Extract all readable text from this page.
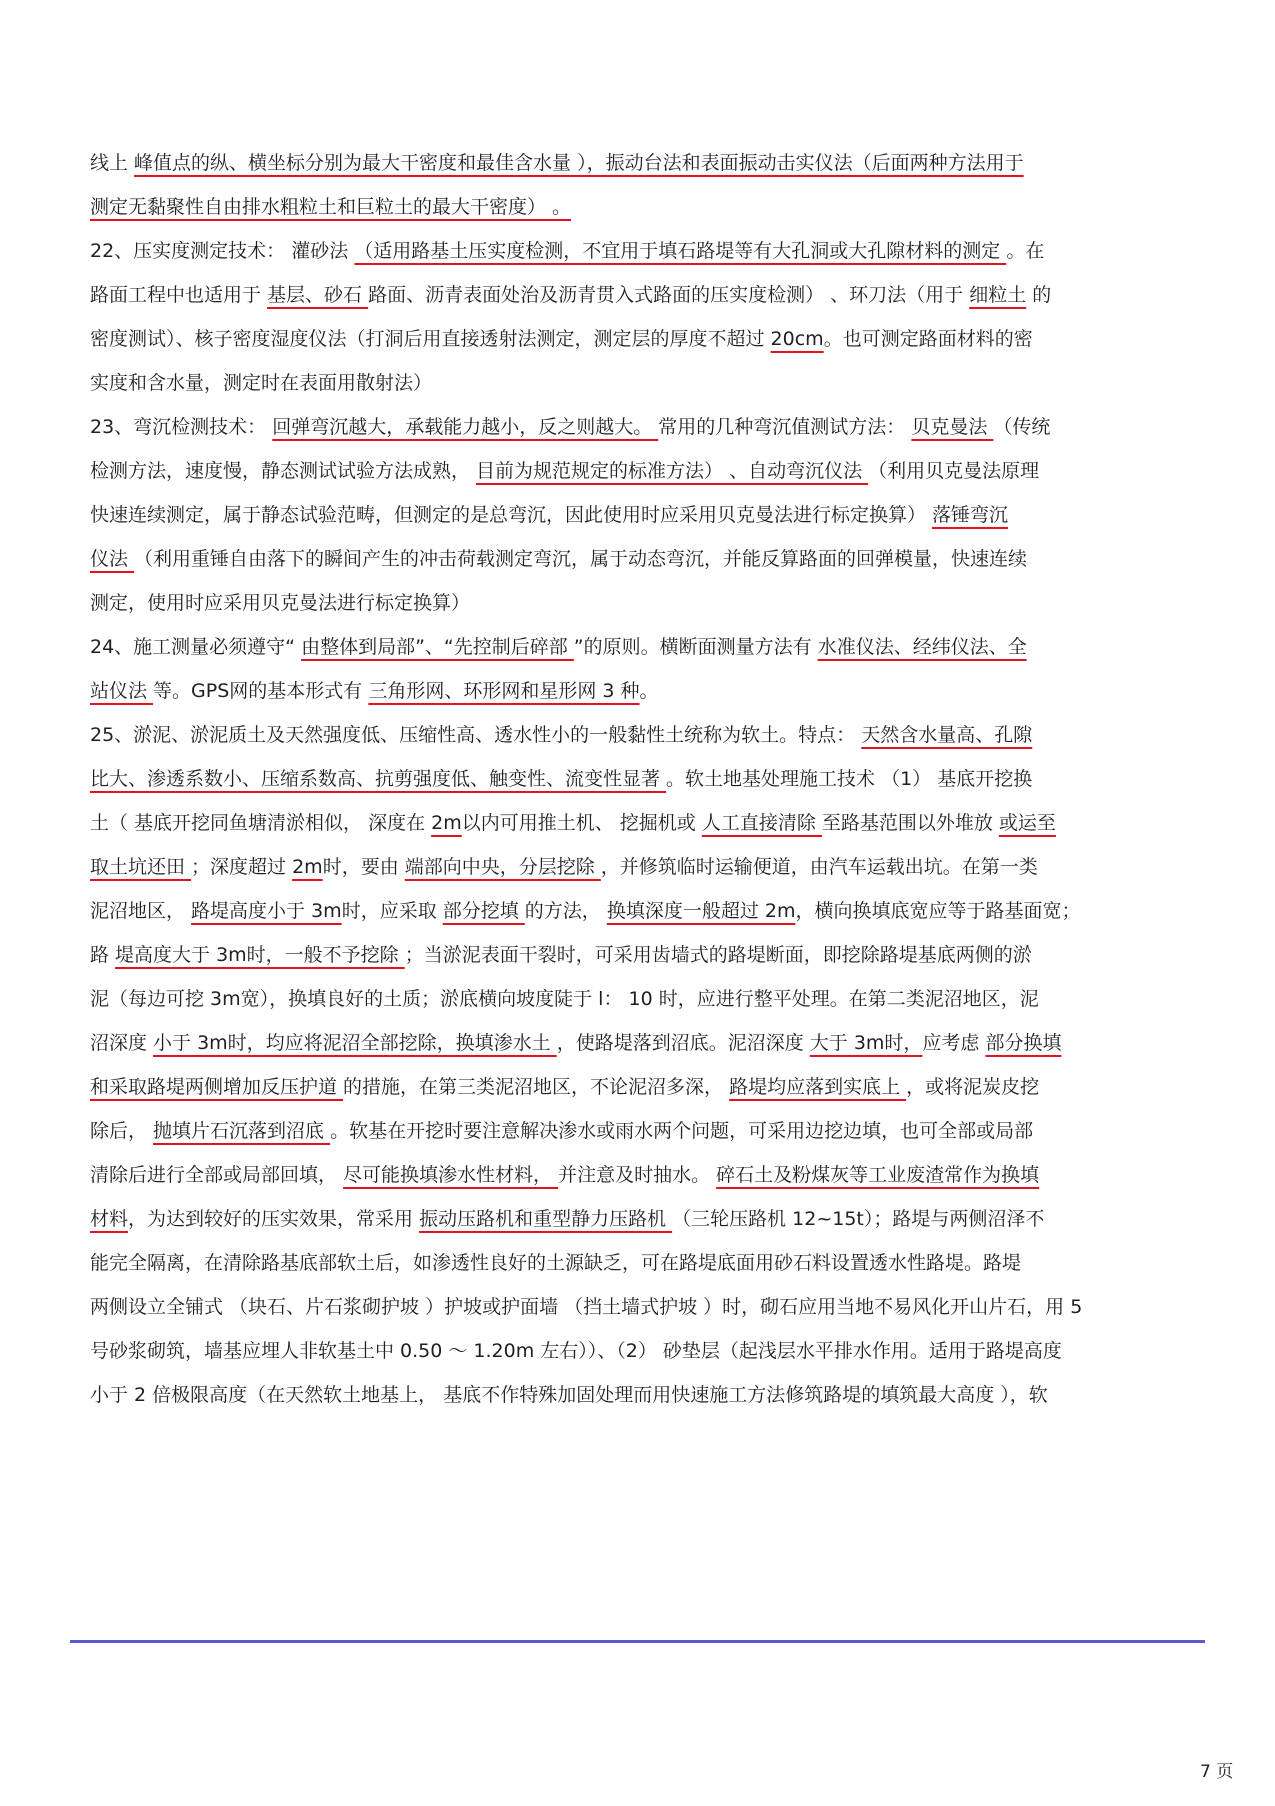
线上 峰值点的纵、横坐标分别为最大干密度和最佳含水量 ），振动台法和表面振动击实仪法（后面两种方法用于
测定无黏聚性自由排水粗粒土和巨粒土的最大干密度） 。
22、压实度测定技术： 灌砂法 （适用路基土压实度检测，不宜用于填石路堤等有大孔洞或大孔隙材料的测定 。在
路面工程中也适用于 基层、砂石 路面、沥青表面处治及沥青贯入式路面的压实度检测） 、环刀法（用于 细粒土 的
密度测试）、核子密度湿度仪法（打洞后用直接透射法测定，测定层的厚度不超过 20cm。也可测定路面材料的密
实度和含水量，测定时在表面用散射法）
23、弯沉检测技术： 回弹弯沉越大，承载能力越小，反之则越大。 常用的几种弯沉值测试方法： 贝克曼法 （传统
检测方法，速度慢，静态测试试验方法成熟， 目前为规范规定的标准方法） 、自动弯沉仪法 （利用贝克曼法原理
快速连续测定，属于静态试验范畴，但测定的是总弯沉，因此使用时应采用贝克曼法进行标定换算） 落锤弯沉
仪法 （利用重锤自由落下的瞬间产生的冲击荷载测定弯沉，属于动态弯沉，并能反算路面的回弹模量，快速连续
测定，使用时应采用贝克曼法进行标定换算）
24、施工测量必须遵守“ 由整体到局部”、“先控制后碎部 ”的原则。横断面测量方法有 水准仪法、经纬仪法、全
站仪法 等。GPS网的基本形式有 三角形网、环形网和星形网 3 种。
25、淤泥、淤泥质土及天然强度低、压缩性高、透水性小的一般黏性土统称为软土。特点： 天然含水量高、孔隙
比大、渗透系数小、压缩系数高、抗剪强度低、触变性、流变性显著 。软土地基处理施工技术 （1） 基底开挖换
土（ 基底开挖同鱼塘清淤相似， 深度在 2m以内可用推土机、 挖掘机或 人工直接清除 至路基范围以外堆放 或运至
取土坑还田 ；深度超过 2m时，要由 端部向中央，分层挖除 ，并修筑临时运输便道，由汽车运载出坑。在第一类
泥沼地区， 路堤高度小于 3m时，应采取 部分挖填 的方法， 换填深度一般超过 2m，横向换填底宽应等于路基面宽；
路 堤高度大于 3m时，一般不予挖除 ；当淤泥表面干裂时，可采用齿墙式的路堤断面，即挖除路堤基底两侧的淤
泥（每边可挖 3m宽），换填良好的土质；淤底横向坡度陡于 l： 10 时，应进行整平处理。在第二类泥沼地区，泥
沼深度 小于 3m时，均应将泥沼全部挖除，换填渗水土 ，使路堤落到沼底。泥沼深度 大于 3m时，应考虑 部分换填
和采取路堤两侧增加反压护道 的措施，在第三类泥沼地区，不论泥沼多深， 路堤均应落到实底上 ，或将泥炭皮挖
除后， 抛填片石沉落到沼底 。软基在开挖时要注意解决渗水或雨水两个问题，可采用边挖边填，也可全部或局部
清除后进行全部或局部回填， 尽可能换填渗水性材料， 并注意及时抽水。 碎石土及粉煤灰等工业废渣常作为换填
材料，为达到较好的压实效果，常采用 振动压路机和重型静力压路机 （三轮压路机 12~15t）；路堤与两侧沼泽不
能完全隔离，在清除路基底部软土后，如渗透性良好的土源缺乏，可在路堤底面用砂石料设置透水性路堤。路堤
两侧设立全铺式 （块石、片石浆砌护坡 ）护坡或护面墙 （挡土墙式护坡 ）时，砌石应用当地不易风化开山片石，用 5
号砂浆砌筑，墙基应埋人非软基土中 0.50 ～ 1.20m 左右））、（2） 砂垫层（起浅层水平排水作用。适用于路堤高度
小于 2 倍极限高度（在天然软土地基上， 基底不作特殊加固处理而用快速施工方法修筑路堤的填筑最大高度 ），软
7 页
